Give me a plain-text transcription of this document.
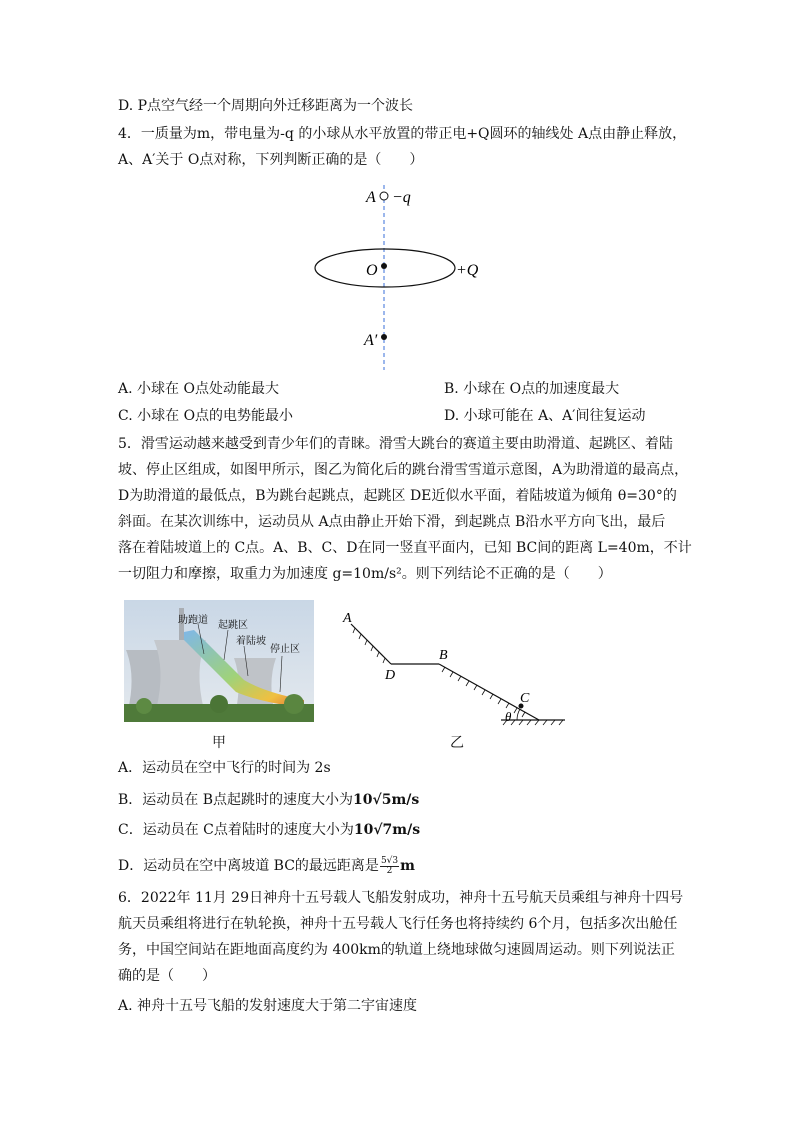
D. P点空气经一个周期向外迁移距离为一个波长
4．一质量为m，带电量为-q 的小球从水平放置的带正电+Q圆环的轴线处 A点由静止释放，
A、A′关于 O点对称，下列判断正确的是（　　）
A −q
O	+Q
A′
A. 小球在 O点处动能最大	B. 小球在 O点的加速度最大
C. 小球在 O点的电势能最小	D. 小球可能在 A、A′间往复运动
5．滑雪运动越来越受到青少年们的青睐。滑雪大跳台的赛道主要由助滑道、起跳区、着陆
坡、停止区组成，如图甲所示，图乙为简化后的跳台滑雪雪道示意图，A为助滑道的最高点，
D为助滑道的最低点，B为跳台起跳点，起跳区 DE近似水平面，着陆坡道为倾角 θ=30°的
斜面。在某次训练中，运动员从 A点由静止开始下滑，到起跳点 B沿水平方向飞出，最后
落在着陆坡道上的 C点。A、B、C、D在同一竖直平面内，已知 BC间的距离 L=40m，不计
一切阻力和摩擦，取重力为加速度 g=10m/s²。则下列结论不正确的是（　　）
助跑道 起跳区
着陆坡
停止区
A
B
D
C
θ
甲	乙
A．运动员在空中飞行的时间为 2s
B．运动员在 B点起跳时的速度大小为10√5m/s
C．运动员在 C点着陆时的速度大小为10√7m/s
D．运动员在空中离坡道 BC的最远距离是 $\frac{5√3}{2}$ m
6．2022年 11月 29日神舟十五号载人飞船发射成功，神舟十五号航天员乘组与神舟十四号
航天员乘组将进行在轨轮换，神舟十五号载人飞行任务也将持续约 6个月，包括多次出舱任
务，中国空间站在距地面高度约为 400km的轨道上绕地球做匀速圆周运动。则下列说法正
确的是（　　）
A. 神舟十五号飞船的发射速度大于第二宇宙速度
